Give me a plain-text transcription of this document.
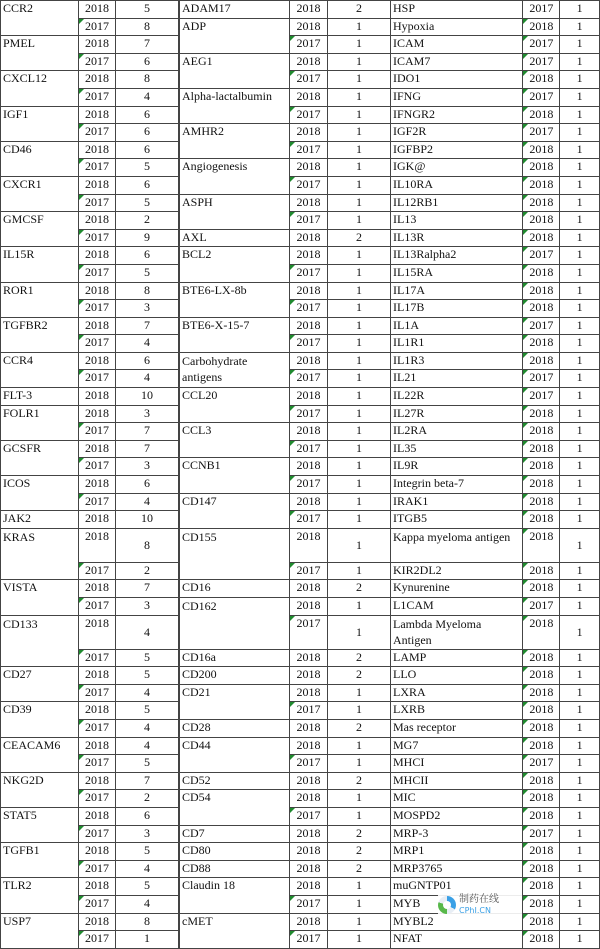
CCR2	2018	5
	2017	8
PMEL	2018	7
	2017	6
CXCL12	2018	8
	2017	4
IGF1	2018	6
	2017	6
CD46	2018	6
	2017	5
CXCR1	2018	6
	2017	5
GMCSF	2018	2
	2017	9
IL15R	2018	6
	2017	5
ROR1	2018	8
	2017	3
TGFBR2	2018	7
	2017	4
CCR4	2018	6
	2017	4
FLT-3	2018	10
FOLR1	2018	3
	2017	7
GCSFR	2018	7
	2017	3
ICOS	2018	6
	2017	4
JAK2	2018	10
KRAS	2018	8
	2017	2
VISTA	2018	7
	2017	3
CD133	2018	4
	2017	5
CD27	2018	5
	2017	4
CD39	2018	5
	2017	4
CEACAM6	2018	4
	2017	5
NKG2D	2018	7
	2017	2
STAT5	2018	6
	2017	3
TGFB1	2018	5
	2017	4
TLR2	2018	5
	2017	4
USP7	2018	8
	2017	1
ADAM17	2018	2
ADP	2018	1
	2017	1
AEG1	2018	1
	2017	1
Alpha-lactalbumin	2018	1
	2017	1
AMHR2	2018	1
	2017	1
Angiogenesis	2018	1
	2017	1
ASPH	2018	1
	2017	1
AXL	2018	2
BCL2	2018	1
	2017	1
BTE6-LX-8b	2018	1
	2017	1
BTE6-X-15-7	2018	1
	2017	1
Carbohydrate antigens	2018	1
	2017	1
CCL20	2018	1
	2017	1
CCL3	2018	1
	2017	1
CCNB1	2018	1
	2017	1
CD147	2018	1
	2017	1
CD155	2018	1
	2017	1
CD16	2018	2
CD162	2018	1
	2017	1
CD16a	2018	2
CD200	2018	2
CD21	2018	1
	2017	1
CD28	2018	2
CD44	2018	1
	2017	1
CD52	2018	2
CD54	2018	1
	2017	1
CD7	2018	2
CD80	2018	2
CD88	2018	2
Claudin 18	2018	1
	2017	1
cMET	2018	1
	2017	1
HSP	2017	1
Hypoxia	2018	1
ICAM	2017	1
ICAM7	2017	1
IDO1	2018	1
IFNG	2017	1
IFNGR2	2018	1
IGF2R	2017	1
IGFBP2	2018	1
IGK@	2018	1
IL10RA	2018	1
IL12RB1	2018	1
IL13	2018	1
IL13R	2018	1
IL13Ralpha2	2017	1
IL15RA	2018	1
IL17A	2018	1
IL17B	2018	1
IL1A	2017	1
IL1R1	2018	1
IL1R3	2018	1
IL21	2017	1
IL22R	2017	1
IL27R	2018	1
IL2RA	2018	1
IL35	2018	1
IL9R	2018	1
Integrin beta-7	2018	1
IRAK1	2018	1
ITGB5	2018	1
Kappa myeloma antigen	2018	1
KIR2DL2	2018	1
Kynurenine	2018	1
L1CAM	2017	1
Lambda Myeloma Antigen	2018	1
LAMP	2018	1
LLO	2018	1
LXRA	2018	1
LXRB	2018	1
Mas receptor	2018	1
MG7	2018	1
MHCI	2017	1
MHCII	2018	1
MIC	2018	1
MOSPD2	2018	1
MRP-3	2017	1
MRP1	2018	1
MRP3765	2018	1
muGNTP01	2018	1
MYB	2018	1
MYBL2	2018	1
NFAT	2018	1
制药在线
CPhI.CN
